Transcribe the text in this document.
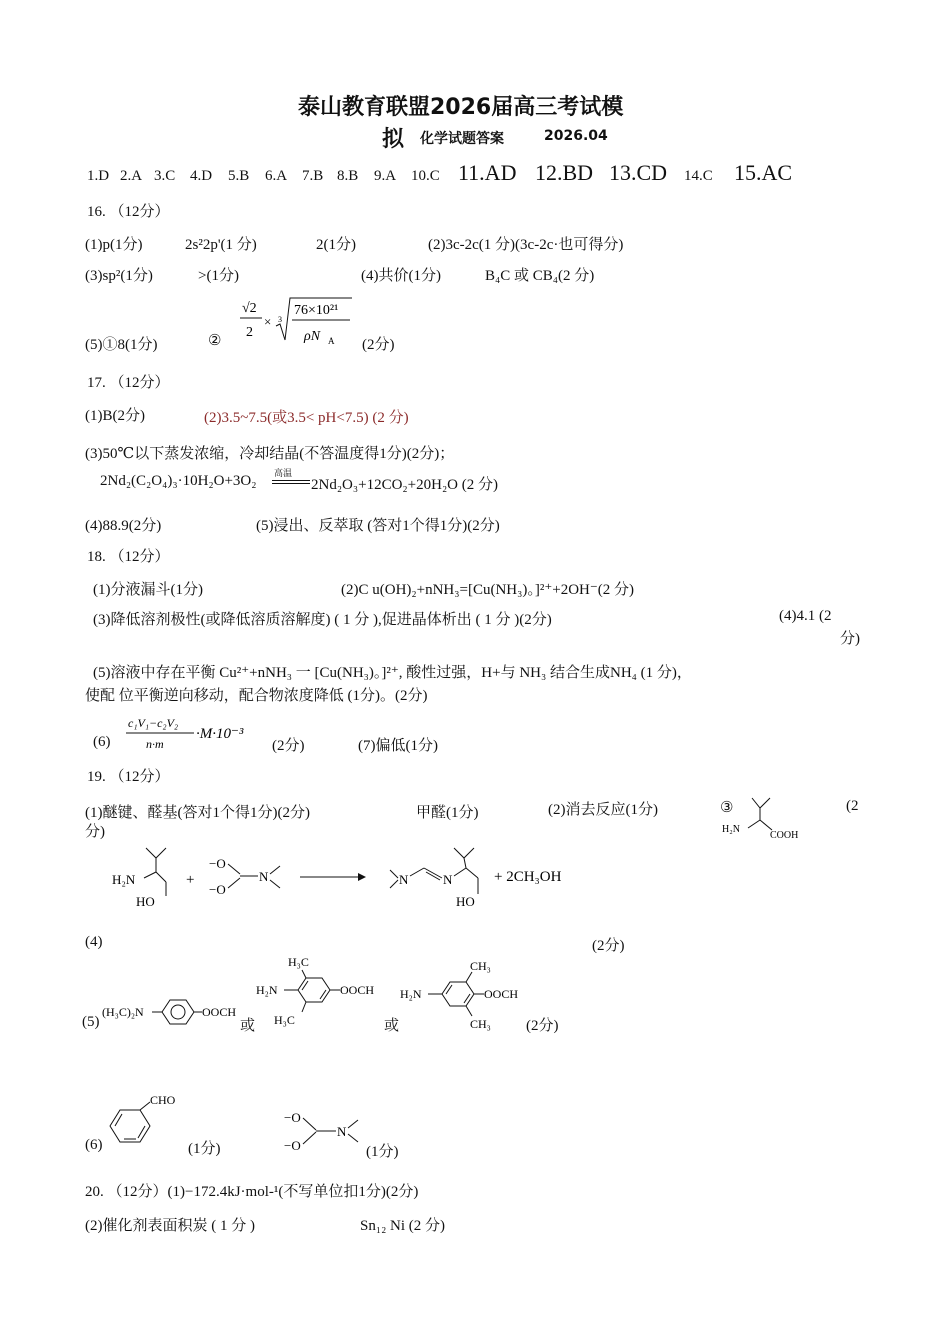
泰山教育联盟2026届高三考试模
拟 化学试题答案	2026.04
1.D 2.A 3.C 4.D 5.B 6.A 7.B 8.B 9.A 10.C 11.AD 12.BD 13.CD 14.C 15.AC
16. （12分）
(1)p(1分)	2s²2p'(1 分)	2(1分)	(2)3c-2c(1 分)(3c-2c·也可得分)
(3)sp²(1分)	>(1分)	(4)共价(1分)	B₄C 或 CB₄(2 分)
(5)①8(1分)	②
√2
2
× 3
76×10²¹
ρN A (2分)
17. （12分）
(1)B(2分)	(2)3.5~7.5(或3.5< pH<7.5) (2 分)
(3)50℃以下蒸发浓缩，冷却结晶(不答温度得1分)(2分)；
2Nd₂(C₂O₄)₃·10H₂O+3O₂ 高温
2Nd₂O₃+12CO₂+20H₂O (2 分)
(4)88.9(2分)	(5)浸出、反萃取 (答对1个得1分)(2分)
18. （12分）
(1)分液漏斗(1分)	(2)C u(OH)₂+nNH₃=[Cu(NH₃)。]²⁺+2OH⁻(2 分)
(3)降低溶剂极性(或降低溶质溶解度) ( 1 分 ),促进晶体析出 ( 1 分 )(2分)	(4)4.1 (2
分)
(5)溶液中存在平衡 Cu²⁺+nNH₃ 一 [Cu(NH₃)。]²⁺, 酸性过强，H+与 NH₃ 结合生成NH₄ (1 分)，
使配 位平衡逆向移动，配合物浓度降低 (1分)。(2分)
(6)
c₁V₁−c₂V₂
n·m
·M·10⁻³
(2分)	(7)偏低(1分)
19. （12分）
(1)醚键、醛基(答对1个得1分)(2分)	甲醛(1分)	(2)消去反应(1分)	③
H₂N
COOH
(2
分)
H₂N
HO
+
−O
−O
N	N	N
HO
+ 2CH₃OH
(4)	(2分)
(5)
(H₃C)₂N	OOCH
或
H₃C
H₂N
H₃C
OOCH
或
H₂N
CH₃
OOCH
CH₃ (2分)
(6)
CHO
(1分)
−O
−O
N
(1分)
20. （12分）(1)−172.4kJ·mol-¹(不写单位扣1分)(2分)
(2)催化剂表面积炭 ( 1 分 )	Sn₁₂ Ni (2 分)
